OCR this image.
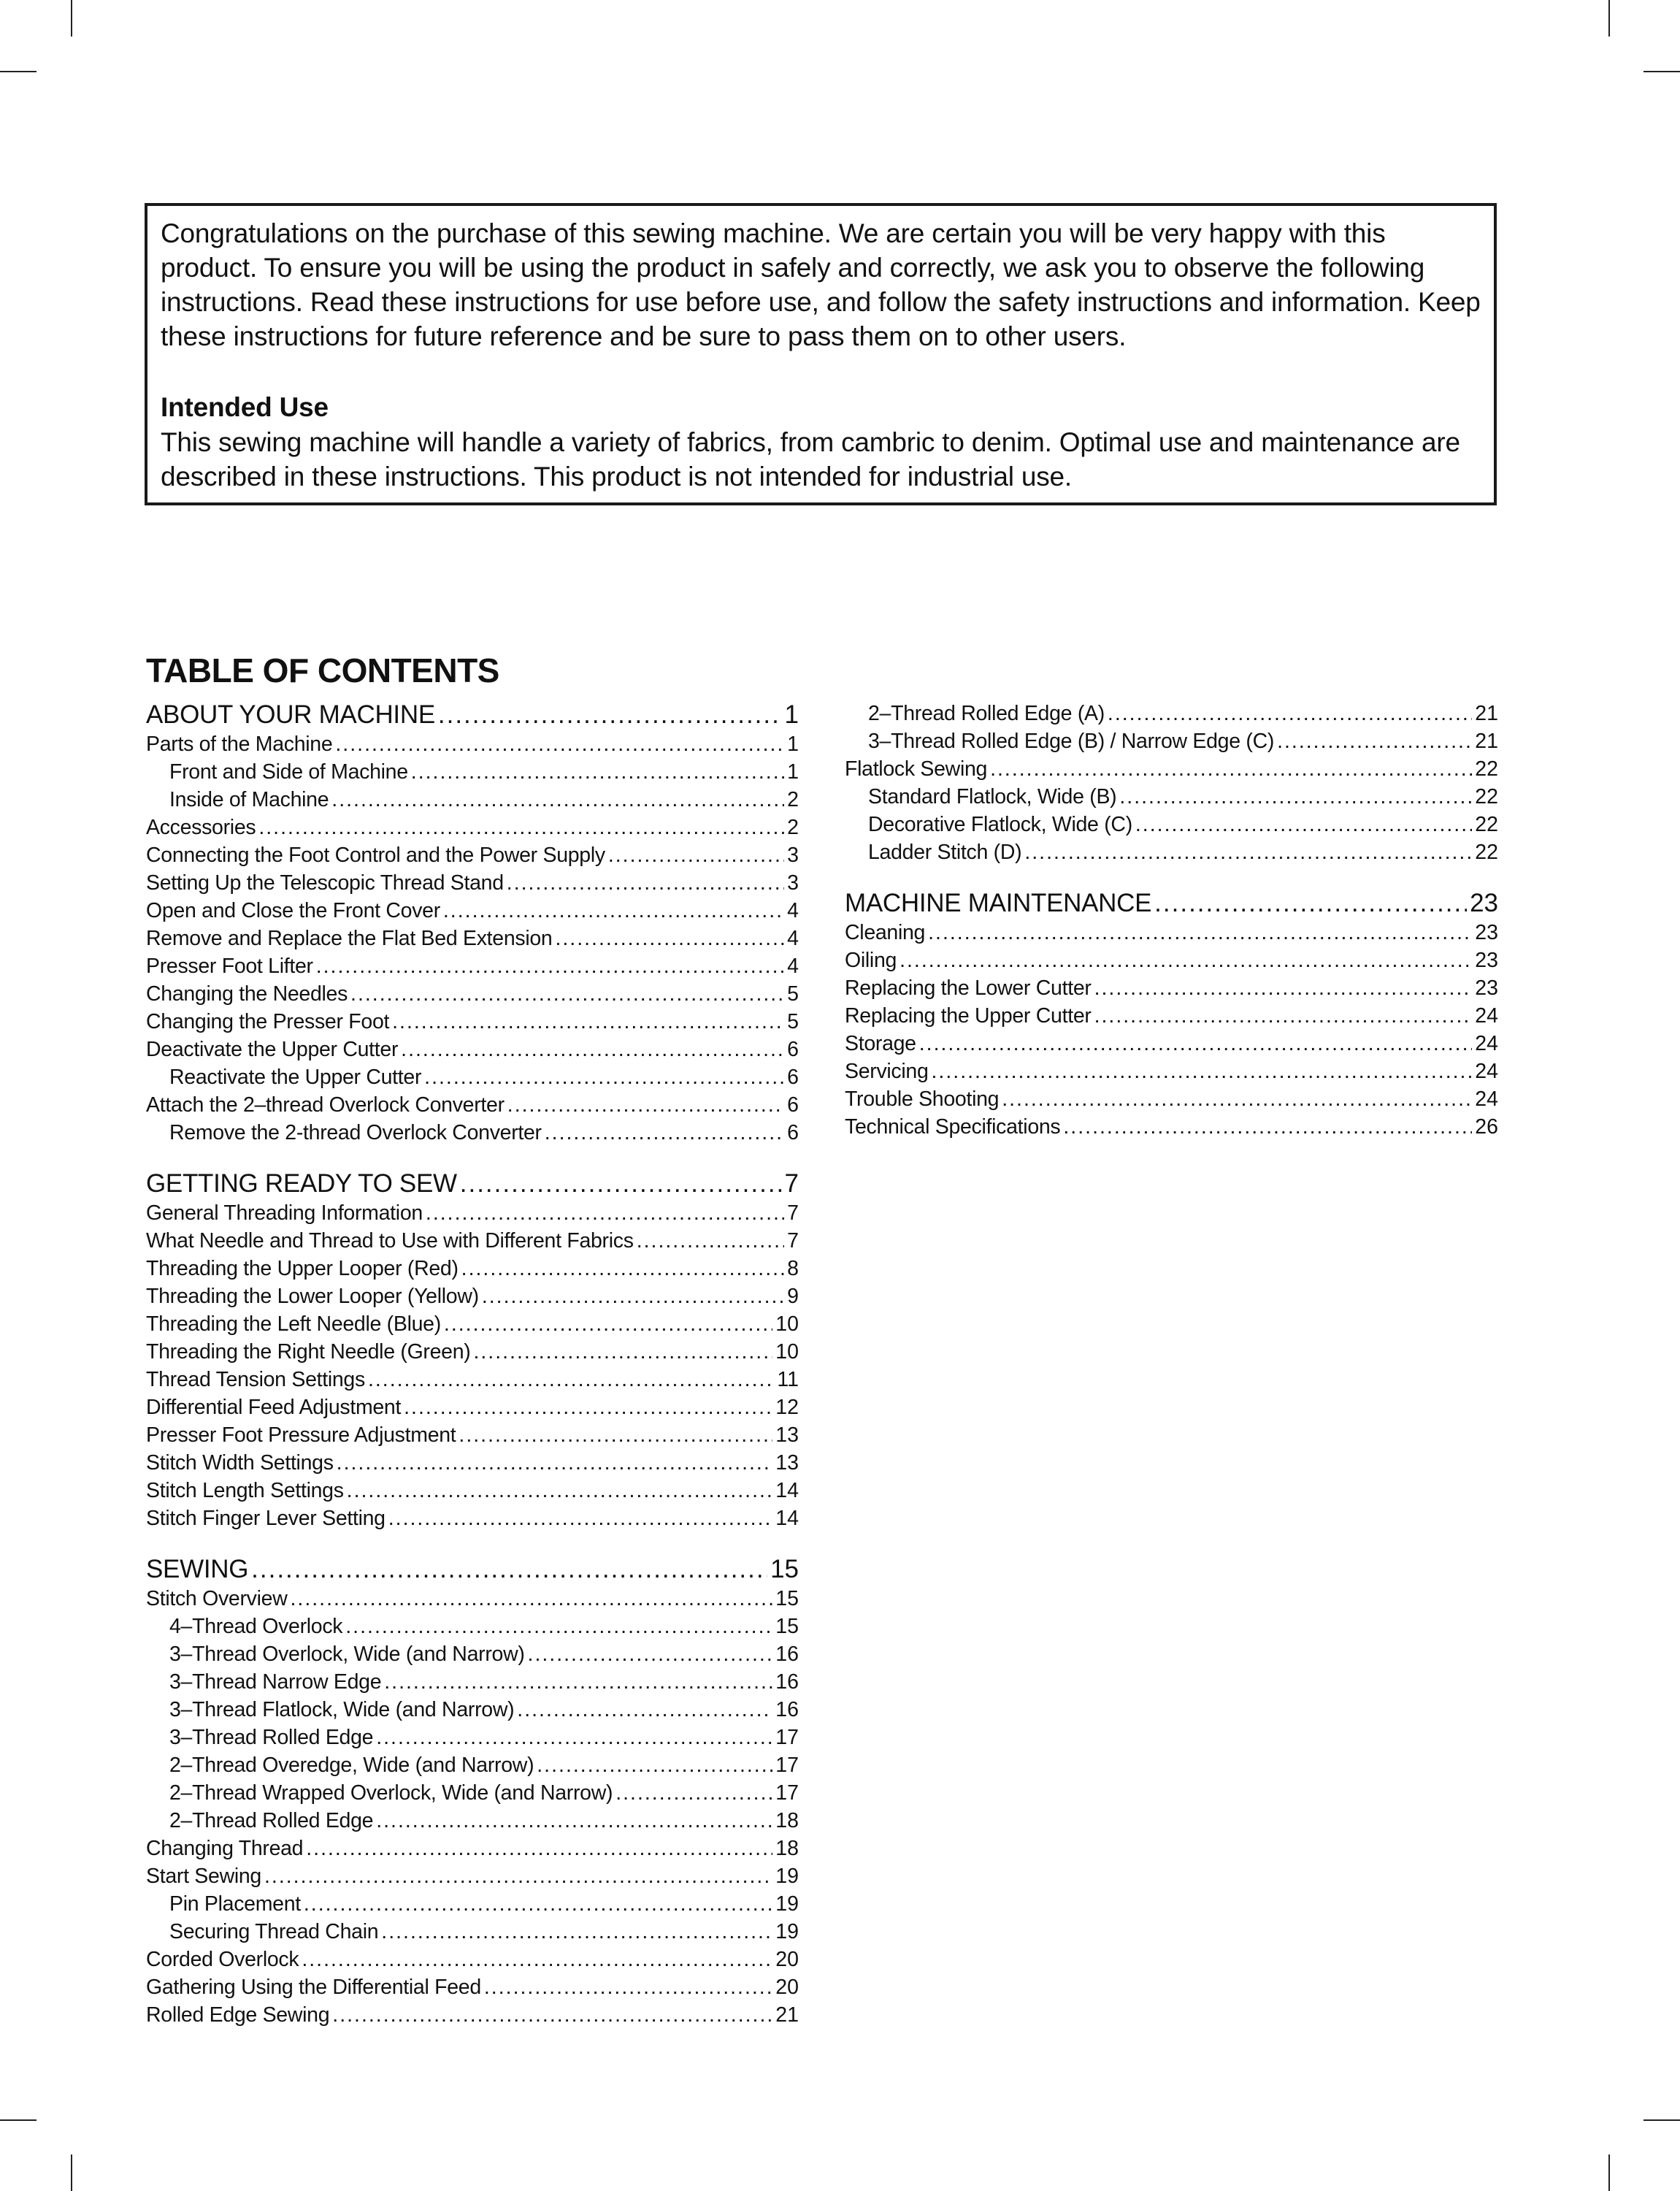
Congratulations on the purchase of this sewing machine. We are certain you will be very happy with this product. To ensure you will be using the product in safely and correctly, we ask you to observe the following instructions. Read these instructions for use before use, and follow the safety instructions and information. Keep these instructions for future reference and be sure to pass them on to other users.

Intended Use

This sewing machine will handle a variety of fabrics, from cambric to denim. Optimal use and maintenance are described in these instructions. This product is not intended for industrial use.

TABLE OF CONTENTS
ABOUT YOUR MACHINE .....	1
Parts of the Machine .....	1
Front and Side of Machine .....	1
Inside of Machine .....	2
Accessories .....	2
Connecting the Foot Control and the Power Supply .....	3
Setting Up the Telescopic Thread Stand .....	3
Open and Close the Front Cover .....	4
Remove and Replace the Flat Bed Extension .....	4
Presser Foot Lifter .....	4
Changing the Needles .....	5
Changing the Presser Foot .....	5
Deactivate the Upper Cutter .....	6
Reactivate the Upper Cutter .....	6
Attach the 2–thread Overlock Converter .....	6
Remove the 2-thread Overlock Converter .....	6
GETTING READY TO SEW .....	7
General Threading Information .....	7
What Needle and Thread to Use with Different Fabrics .....	7
Threading the Upper Looper (Red) .....	8
Threading the Lower Looper (Yellow) .....	9
Threading the Left Needle (Blue) .....	10
Threading the Right Needle (Green) .....	10
Thread Tension Settings .....	11
Differential Feed Adjustment .....	12
Presser Foot Pressure Adjustment .....	13
Stitch Width Settings .....	13
Stitch Length Settings .....	14
Stitch Finger Lever Setting .....	14
SEWING .....	15
Stitch Overview .....	15
4–Thread Overlock .....	15
3–Thread Overlock, Wide (and Narrow) .....	16
3–Thread Narrow Edge .....	16
3–Thread Flatlock, Wide (and Narrow) .....	16
3–Thread Rolled Edge .....	17
2–Thread Overedge, Wide (and Narrow) .....	17
2–Thread Wrapped Overlock, Wide (and Narrow) .....	17
2–Thread Rolled Edge .....	18
Changing Thread .....	18
Start Sewing .....	19
Pin Placement .....	19
Securing Thread Chain .....	19
Corded Overlock .....	20
Gathering Using the Differential Feed .....	20
Rolled Edge Sewing .....	21
2–Thread Rolled Edge (A) .....	21
3–Thread Rolled Edge (B) / Narrow Edge (C) .....	21
Flatlock Sewing .....	22
Standard Flatlock, Wide (B) .....	22
Decorative Flatlock, Wide (C) .....	22
Ladder Stitch (D) .....	22
MACHINE MAINTENANCE .....	23
Cleaning .....	23
Oiling .....	23
Replacing the Lower Cutter .....	23
Replacing the Upper Cutter .....	24
Storage .....	24
Servicing .....	24
Trouble Shooting .....	24
Technical Specifications .....	26
